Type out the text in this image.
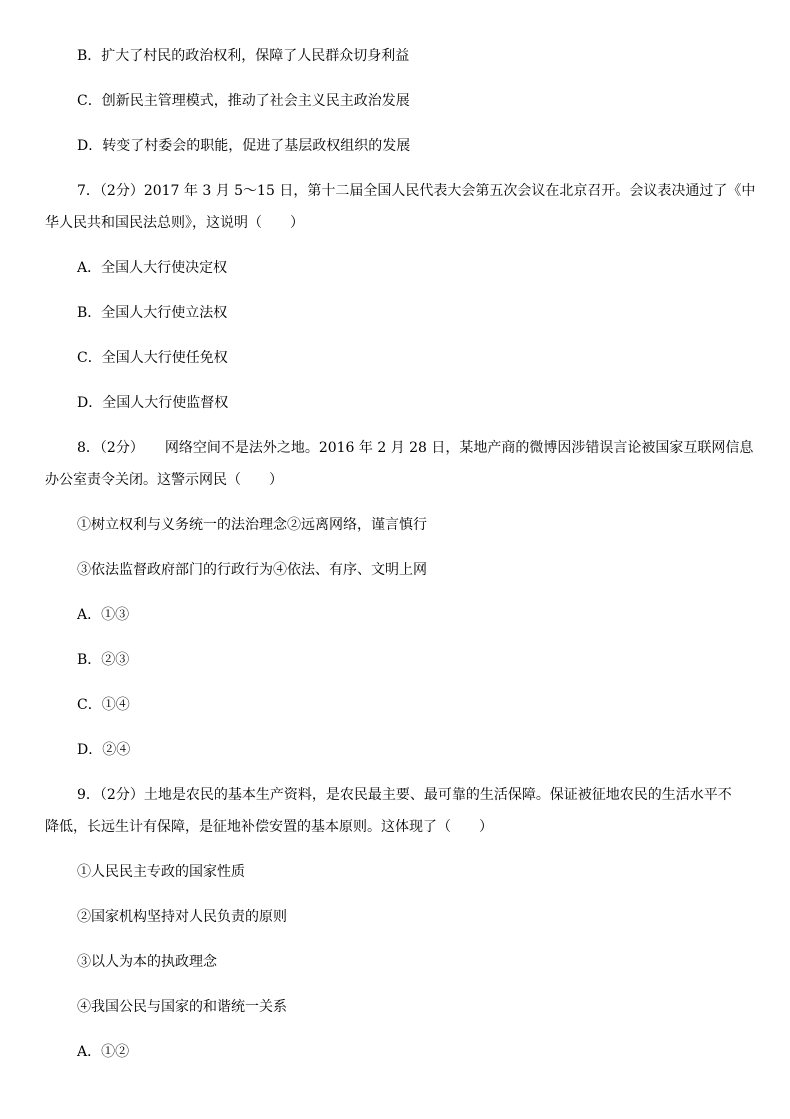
B．扩大了村民的政治权利，保障了人民群众切身利益

C．创新民主管理模式，推动了社会主义民主政治发展

D．转变了村委会的职能，促进了基层政权组织的发展

7．（2分）2017 年 3 月 5～15 日，第十二届全国人民代表大会第五次会议在北京召开。会议表决通过了《中
华人民共和国民法总则》，这说明（　　）

A．全国人大行使决定权

B．全国人大行使立法权

C．全国人大行使任免权

D．全国人大行使监督权

8．（2分）　　网络空间不是法外之地。2016 年 2 月 28 日，某地产商的微博因涉错误言论被国家互联网信息
办公室责令关闭。这警示网民（　　）

①树立权利与义务统一的法治理念②远离网络，谨言慎行

③依法监督政府部门的行政行为④依法、有序、文明上网

A．①③

B．②③

C．①④

D．②④

9．（2分）土地是农民的基本生产资料，是农民最主要、最可靠的生活保障。保证被征地农民的生活水平不
降低，长远生计有保障，是征地补偿安置的基本原则。这体现了（　　）

①人民民主专政的国家性质

②国家机构坚持对人民负责的原则

③以人为本的执政理念

④我国公民与国家的和谐统一关系

A．①②
